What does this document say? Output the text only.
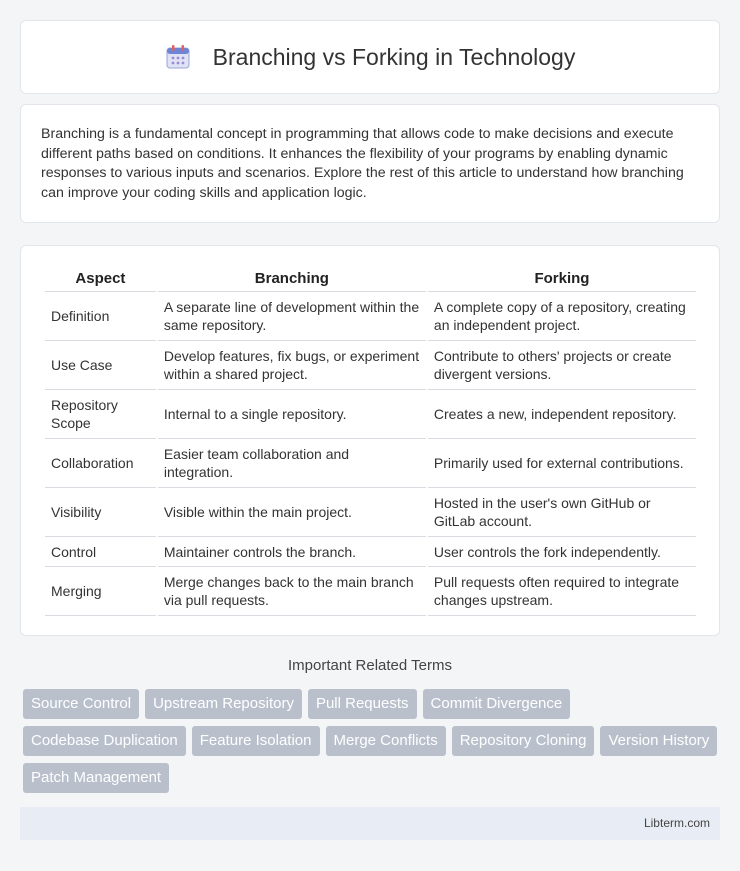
Branching vs Forking in Technology

Branching is a fundamental concept in programming that allows code to make decisions and execute different paths based on conditions. It enhances the flexibility of your programs by enabling dynamic responses to various inputs and scenarios. Explore the rest of this article to understand how branching can improve your coding skills and application logic.

Aspect	Branching	Forking
Definition	A separate line of development within the same repository.	A complete copy of a repository, creating an independent project.
Use Case	Develop features, fix bugs, or experiment within a shared project.	Contribute to others' projects or create divergent versions.
Repository Scope	Internal to a single repository.	Creates a new, independent repository.
Collaboration	Easier team collaboration and integration.	Primarily used for external contributions.
Visibility	Visible within the main project.	Hosted in the user's own GitHub or GitLab account.
Control	Maintainer controls the branch.	User controls the fork independently.
Merging	Merge changes back to the main branch via pull requests.	Pull requests often required to integrate changes upstream.
Important Related Terms
Source Control	Upstream Repository	Pull Requests	Commit Divergence
Codebase Duplication	Feature Isolation	Merge Conflicts	Repository Cloning	Version History
Patch Management
Libterm.com
